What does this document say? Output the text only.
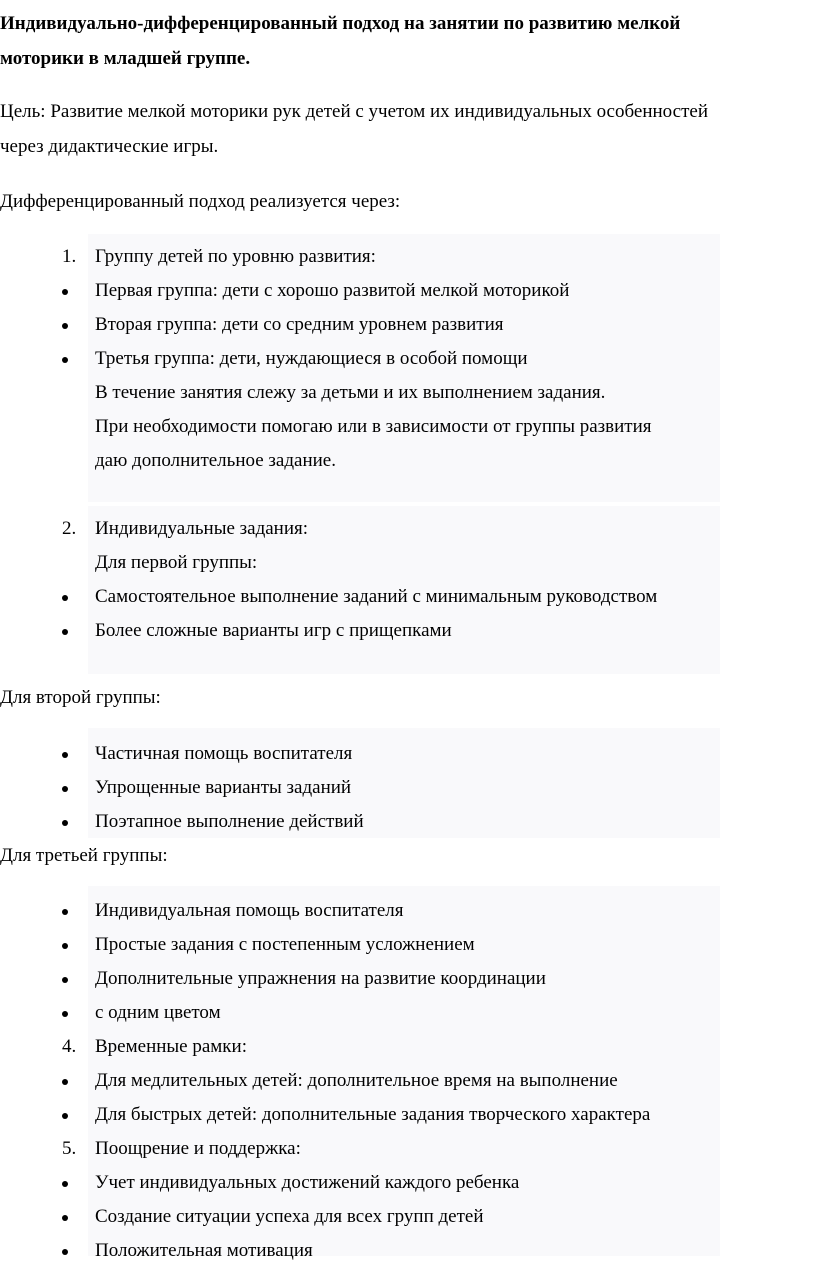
Индивидуально-дифференцированный подход на занятии по развитию мелкой
моторики в младшей группе.
Цель: Развитие мелкой моторики рук детей с учетом их индивидуальных особенностей
через дидактические игры.
Дифференцированный подход реализуется через:
1. Группу детей по уровню развития:
Первая группа: дети с хорошо развитой мелкой моторикой
Вторая группа: дети со средним уровнем развития
Третья группа: дети, нуждающиеся в особой помощи
В течение занятия слежу за детьми и их выполнением задания.
При необходимости помогаю или в зависимости от группы развития
даю дополнительное задание.
2. Индивидуальные задания:
Для первой группы:
Самостоятельное выполнение заданий с минимальным руководством
Более сложные варианты игр с прищепками
Для второй группы:
Частичная помощь воспитателя
Упрощенные варианты заданий
Поэтапное выполнение действий
Для третьей группы:
Индивидуальная помощь воспитателя
Простые задания с постепенным усложнением
Дополнительные упражнения на развитие координации
с одним цветом
4. Временные рамки:
Для медлительных детей: дополнительное время на выполнение
Для быстрых детей: дополнительные задания творческого характера
5. Поощрение и поддержка:
Учет индивидуальных достижений каждого ребенка
Создание ситуации успеха для всех групп детей
Положительная мотивация
